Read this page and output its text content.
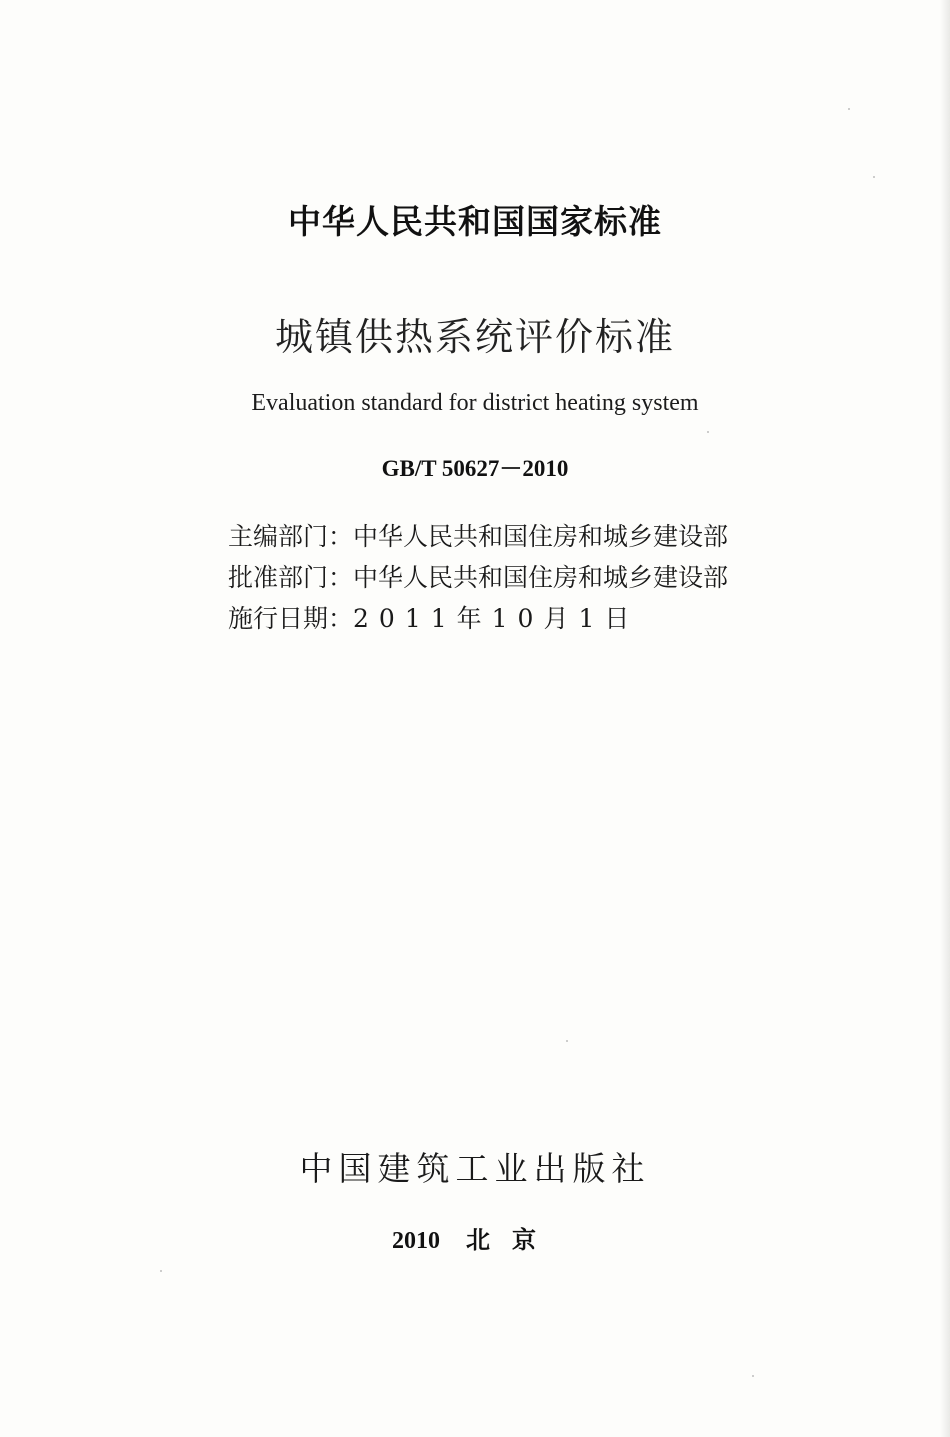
中华人民共和国国家标准
城镇供热系统评价标准
Evaluation standard for district heating system
GB/T 50627－2010
主编部门： 中华人民共和国住房和城乡建设部
批准部门： 中华人民共和国住房和城乡建设部
施行日期： 2011年10月1日
中国建筑工业出版社
2010 北京
